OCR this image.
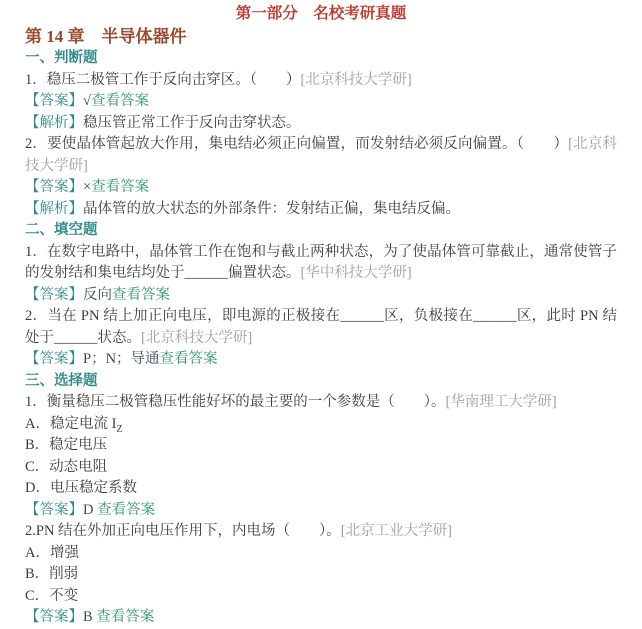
第一部分　名校考研真题

第 14 章　半导体器件
一、判断题

1．稳压二极管工作于反向击穿区。（　　）[北京科技大学研]

【答案】√查看答案

【解析】稳压管正常工作于反向击穿状态。

2．要使晶体管起放大作用，集电结必须正向偏置，而发射结必须反向偏置。（　　）[北京科技大学研]

【答案】×查看答案

【解析】晶体管的放大状态的外部条件：发射结正偏，集电结反偏。

二、填空题

1．在数字电路中，晶体管工作在饱和与截止两种状态，为了使晶体管可靠截止，通常使管子的发射结和集电结均处于______偏置状态。[华中科技大学研]

【答案】反向查看答案

2．当在 PN 结上加正向电压，即电源的正极接在______区，负极接在______区，此时 PN 结处于______状态。[北京科技大学研]

【答案】P；N；导通查看答案

三、选择题

1．衡量稳压二极管稳压性能好坏的最主要的一个参数是（　　）。[华南理工大学研]

A．稳定电流 $I_Z$

B．稳定电压

C．动态电阻

D．电压稳定系数

【答案】D 查看答案

2.PN 结在外加正向电压作用下，内电场（　　）。[北京工业大学研]

A．增强

B．削弱

C．不变

【答案】B 查看答案
